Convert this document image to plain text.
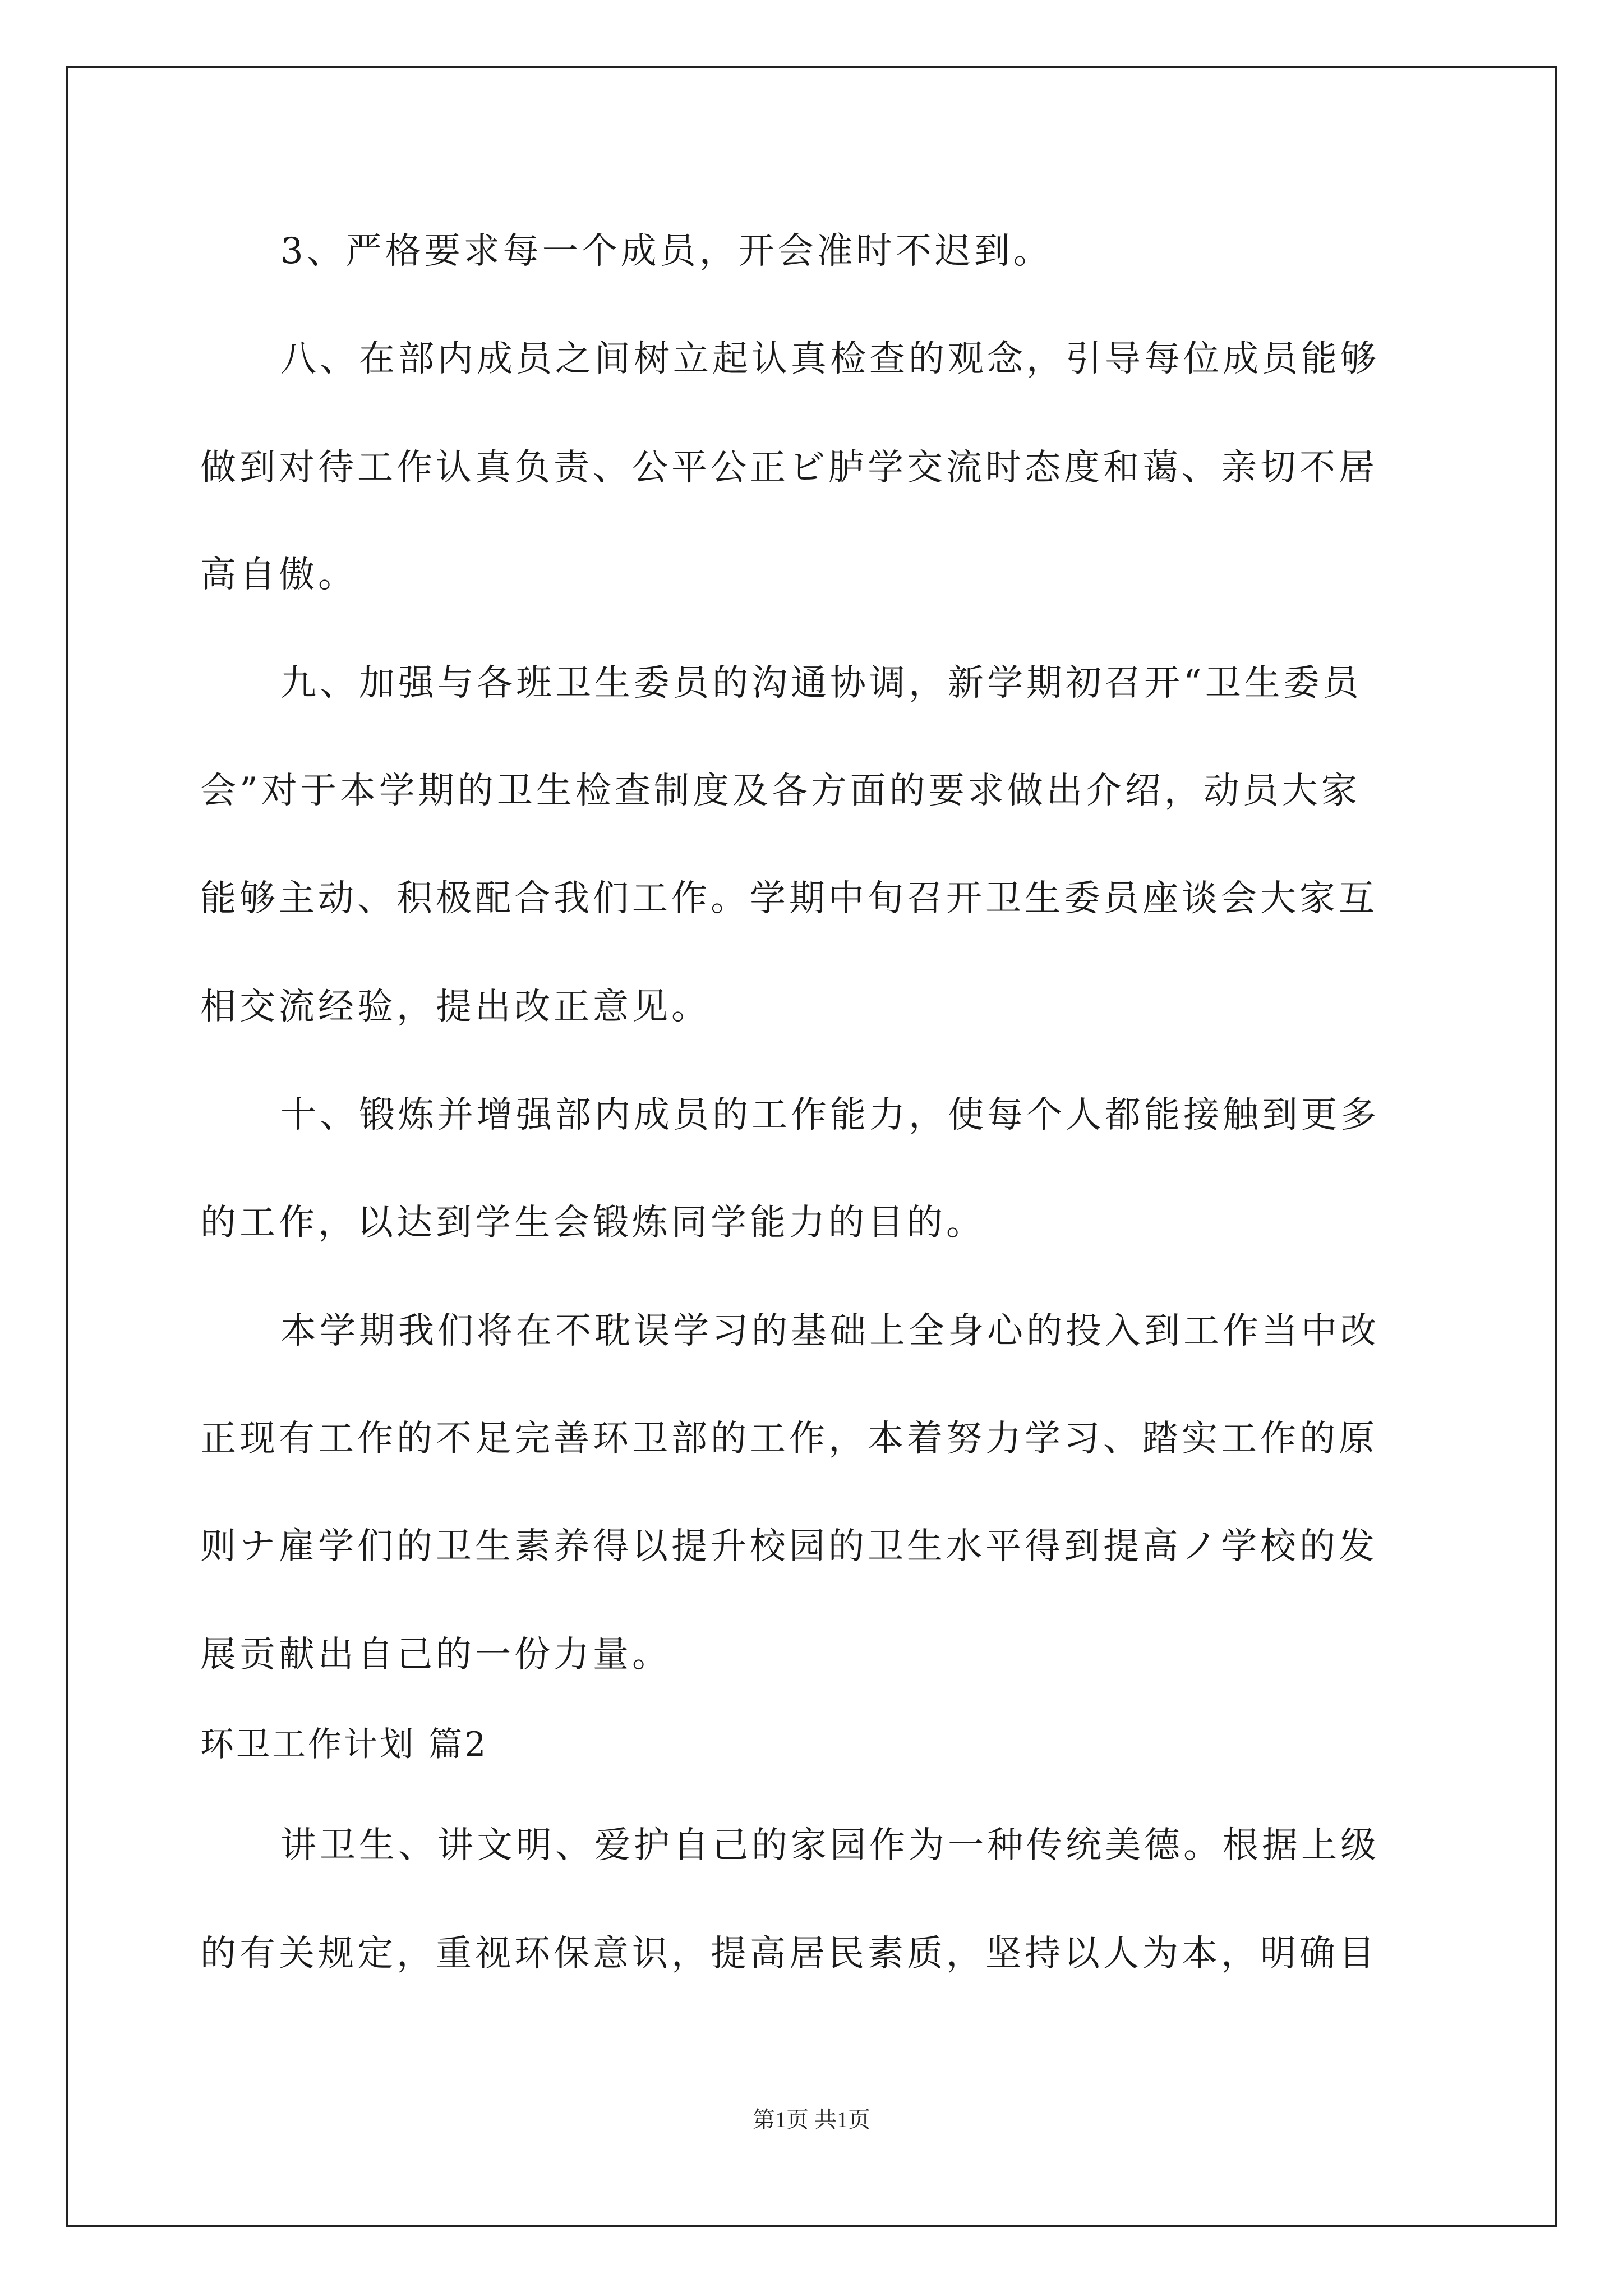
3、严格要求每一个成员，开会准时不迟到。
八、在部内成员之间树立起认真检查的观念，引导每位成员能够
做到对待工作认真负责、公平公正ビ胪学交流时态度和蔼、亲切不居
高自傲。
九、加强与各班卫生委员的沟通协调，新学期初召开“卫生委员
会”对于本学期的卫生检查制度及各方面的要求做出介绍，动员大家
能够主动、积极配合我们工作。学期中旬召开卫生委员座谈会大家互
相交流经验，提出改正意见。
十、锻炼并增强部内成员的工作能力，使每个人都能接触到更多
的工作，以达到学生会锻炼同学能力的目的。
本学期我们将在不耽误学习的基础上全身心的投入到工作当中改
正现有工作的不足完善环卫部的工作，本着努力学习、踏实工作的原
则ナ雇学们的卫生素养得以提升校园的卫生水平得到提高ノ学校的发
展贡献出自己的一份力量。
环卫工作计划 篇2
讲卫生、讲文明、爱护自己的家园作为一种传统美德。根据上级
的有关规定，重视环保意识，提高居民素质，坚持以人为本，明确目
第1页 共1页
